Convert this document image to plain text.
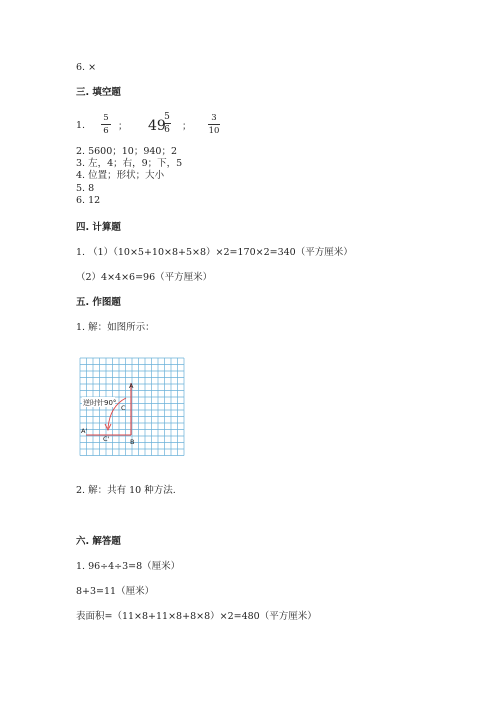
6. ×
三. 填空题
1.
5
6 ； 49
5
6 ；
3
10
2. 5600；10；940；2
3. 左，4；右，9；下，5
4. 位置；形状；大小
5. 8
6. 12
四. 计算题
1. （1）（10×5+10×8+5×8）×2=170×2=340（平方厘米）
（2）4×4×6=96（平方厘米）
五. 作图题
1. 解：如图所示：
逆时针90°
A
C
A'
C'	B
2. 解：共有 10 种方法.
六. 解答题
1. 96÷4÷3=8（厘米）
8+3=11（厘米）
表面积=（11×8+11×8+8×8）×2=480（平方厘米）
